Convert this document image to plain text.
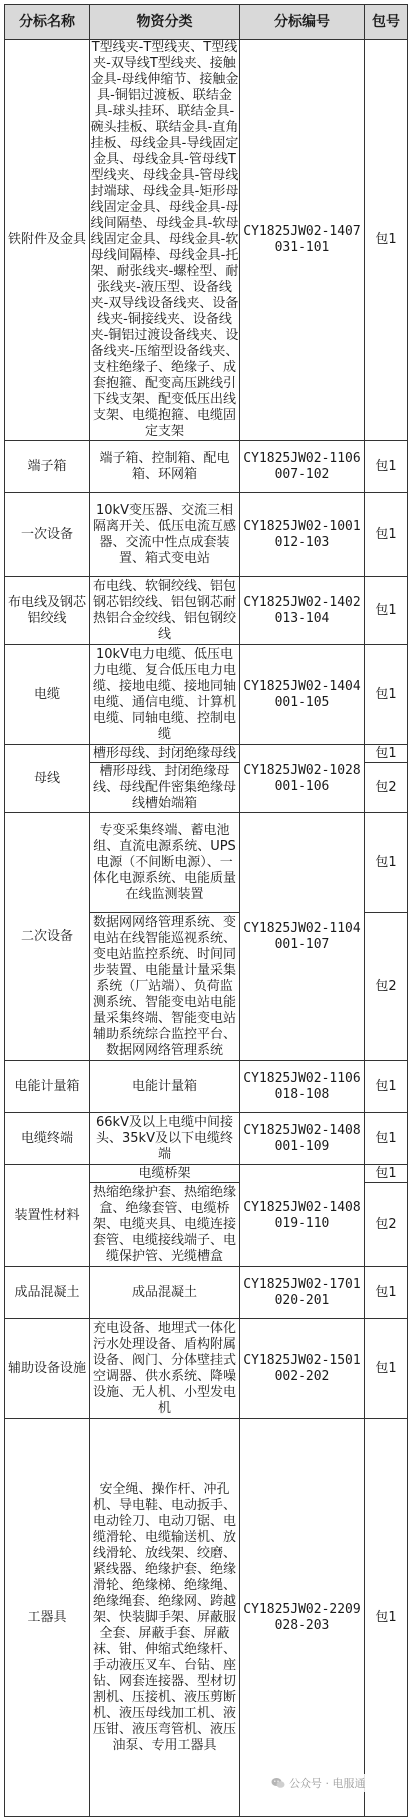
分标名称	物资分类	分标编号	包号
铁附件及金具	T型线夹-T型线夹、T型线夹-双导线T型线夹、接触金具-母线伸缩节、接触金具-铜铝过渡板、联结金具-球头挂环、联结金具-碗头挂板、联结金具-直角挂板、母线金具-导线固定金具、母线金具-管母线T型线夹、母线金具-管母线封端球、母线金具-矩形母线固定金具、母线金具-母线间隔垫、母线金具-软母线固定金具、母线金具-软母线间隔棒、母线金具-托架、耐张线夹-螺栓型、耐张线夹-液压型、设备线夹-双导线设备线夹、设备线夹-铜接线夹、设备线夹-铜铝过渡设备线夹、设备线夹-压缩型设备线夹、支柱绝缘子、绝缘子、成套抱箍、配变高压跳线引下线支架、配变低压出线支架、电缆抱箍、电缆固定支架	CY1825JW02-1407031-101	包1
端子箱	端子箱、控制箱、配电箱、环网箱	CY1825JW02-1106007-102	包1
一次设备	10kV变压器、交流三相隔离开关、低压电流互感器、交流中性点成套装置、箱式变电站	CY1825JW02-1001012-103	包1
布电线及钢芯铝绞线	布电线、软铜绞线、铝包钢芯铝绞线、铝包钢芯耐热铝合金绞线、铝包钢绞线	CY1825JW02-1402013-104	包1
电缆	10kV电力电缆、低压电力电缆、复合低压电力电缆、接地电缆、接地同轴电缆、通信电缆、计算机电缆、同轴电缆、控制电缆	CY1825JW02-1404001-105	包1
母线	槽形母线、封闭绝缘母线	CY1825JW02-1028001-106	包1
	槽形母线、封闭绝缘母线、母线配件密集绝缘母线槽始端箱		包2
二次设备	专变采集终端、蓄电池组、直流电源系统、UPS电源（不间断电源）、一体化电源系统、电能质量在线监测装置	CY1825JW02-1104001-107	包1
	数据网网络管理系统、变电站在线智能巡视系统、变电站监控系统、时间同步装置、电能量计量采集系统（厂站端）、负荷监测系统、智能变电站电能量采集终端、智能变电站辅助系统综合监控平台、数据网网络管理系统		包2
电能计量箱	电能计量箱	CY1825JW02-1106018-108	包1
电缆终端	66kV及以上电缆中间接头、35kV及以下电缆终端	CY1825JW02-1408001-109	包1
装置性材料	电缆桥架	CY1825JW02-1408019-110	包1
	热缩绝缘护套、热缩绝缘盒、绝缘套管、电缆桥架、电缆夹具、电缆连接套管、电缆接线端子、电缆保护管、光缆槽盒		包2
成品混凝土	成品混凝土	CY1825JW02-1701020-201	包1
辅助设备设施	充电设备、地埋式一体化污水处理设备、盾构附属设备、阀门、分体壁挂式空调器、供水系统、降噪设施、无人机、小型发电机	CY1825JW02-1501002-202	包1
工器具	安全绳、操作杆、冲孔机、导电鞋、电动扳手、电动铨刀、电动刀锯、电缆滑轮、电缆输送机、放线滑轮、放线架、绞磨、紧线器、绝缘护套、绝缘滑轮、绝缘梯、绝缘绳、绝缘绳套、绝缘网、跨越架、快装脚手架、屏蔽服全套、屏蔽手套、屏蔽袜、钳、伸缩式绝缘杆、手动液压叉车、台钻、座钻、网套连接器、型材切割机、压接机、液压剪断机、液压母线加工机、液压钳、液压弯管机、液压油泵、专用工器具	CY1825JW02-2209028-203	包1
公众号 · 电服通
